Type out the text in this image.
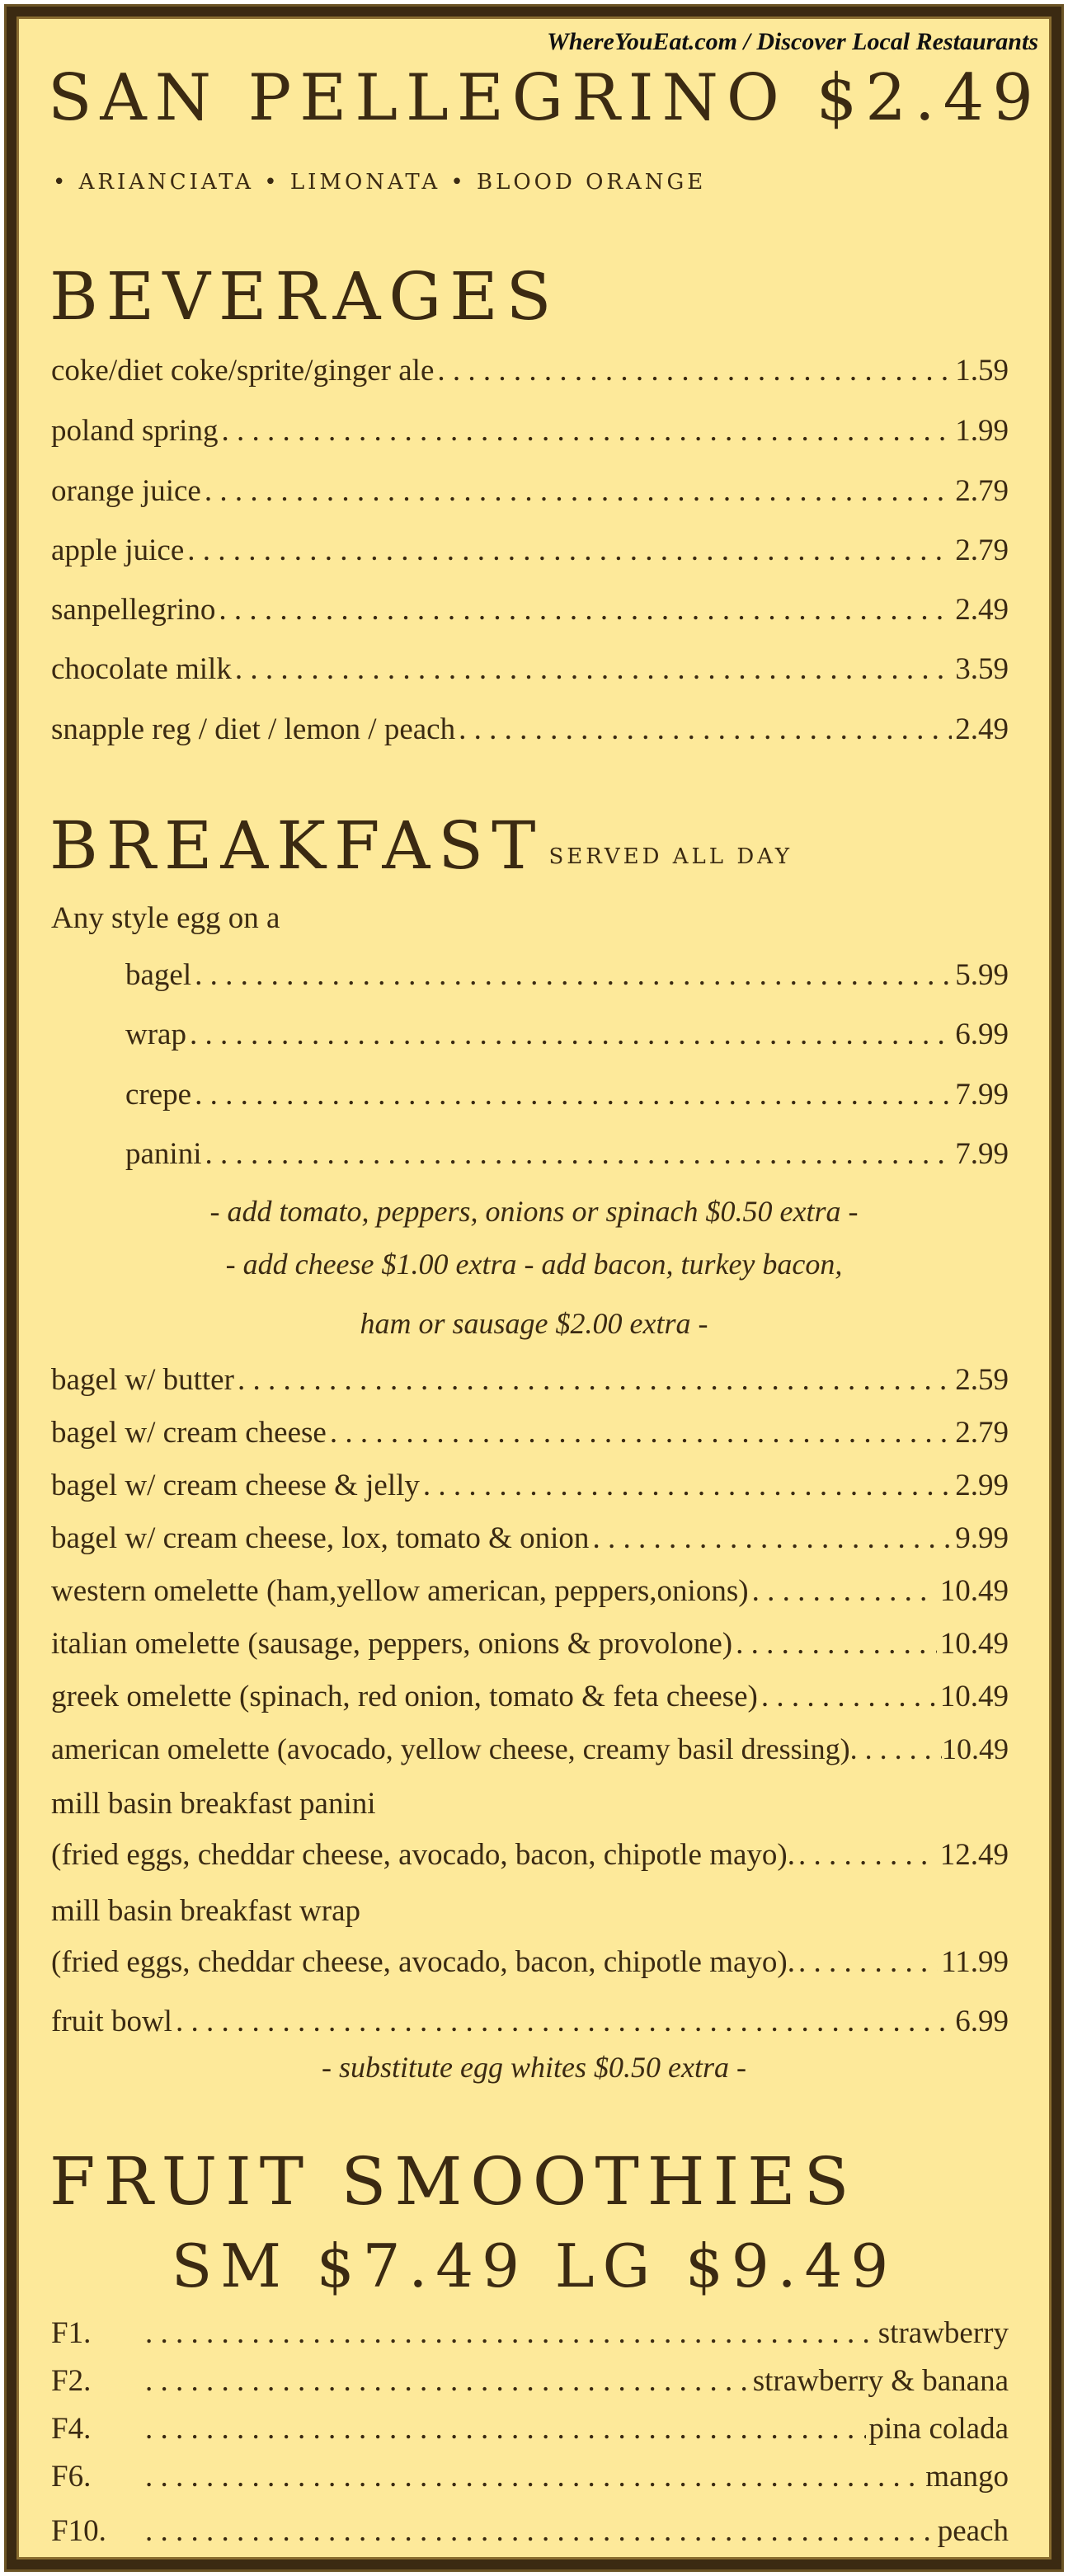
WhereYouEat.com / Discover Local Restaurants
SAN PELLEGRINO $2.49
• ARIANCIATA • LIMONATA • BLOOD ORANGE
BEVERAGES
coke/diet coke/sprite/ginger ale . . .	1.59
poland spring . . .	1.99
orange juice . . .	2.79
apple juice . . .	2.79
sanpellegrino . . .	2.49
chocolate milk . . .	3.59
snapple reg / diet / lemon / peach . . .	2.49
BREAKFAST SERVED ALL DAY
Any style egg on a
bagel . . .	5.99
wrap . . .	6.99
crepe . . .	7.99
panini . . .	7.99
- add tomato, peppers, onions or spinach $0.50 extra -
- add cheese $1.00 extra - add bacon, turkey bacon,
ham or sausage $2.00 extra -
bagel w/ butter . . .	2.59
bagel w/ cream cheese . . .	2.79
bagel w/ cream cheese & jelly . . .	2.99
bagel w/ cream cheese, lox, tomato & onion . . .	9.99
western omelette (ham,yellow american, peppers,onions) . . .	10.49
italian omelette (sausage, peppers, onions & provolone) . . .	10.49
greek omelette (spinach, red onion, tomato & feta cheese) . . .	10.49
american omelette (avocado, yellow cheese, creamy basil dressing) . . .	10.49
mill basin breakfast panini
(fried eggs, cheddar cheese, avocado, bacon, chipotle mayo). . . .	12.49
mill basin breakfast wrap
(fried eggs, cheddar cheese, avocado, bacon, chipotle mayo). . . .	11.99
fruit bowl . . .	6.99
- substitute egg whites $0.50 extra -
FRUIT SMOOTHIES
SM $7.49 LG $9.49
F1. . . .	strawberry
F2. . . .	strawberry & banana
F4. . . .	pina colada
F6. . . .	mango
F10. . . .	peach
